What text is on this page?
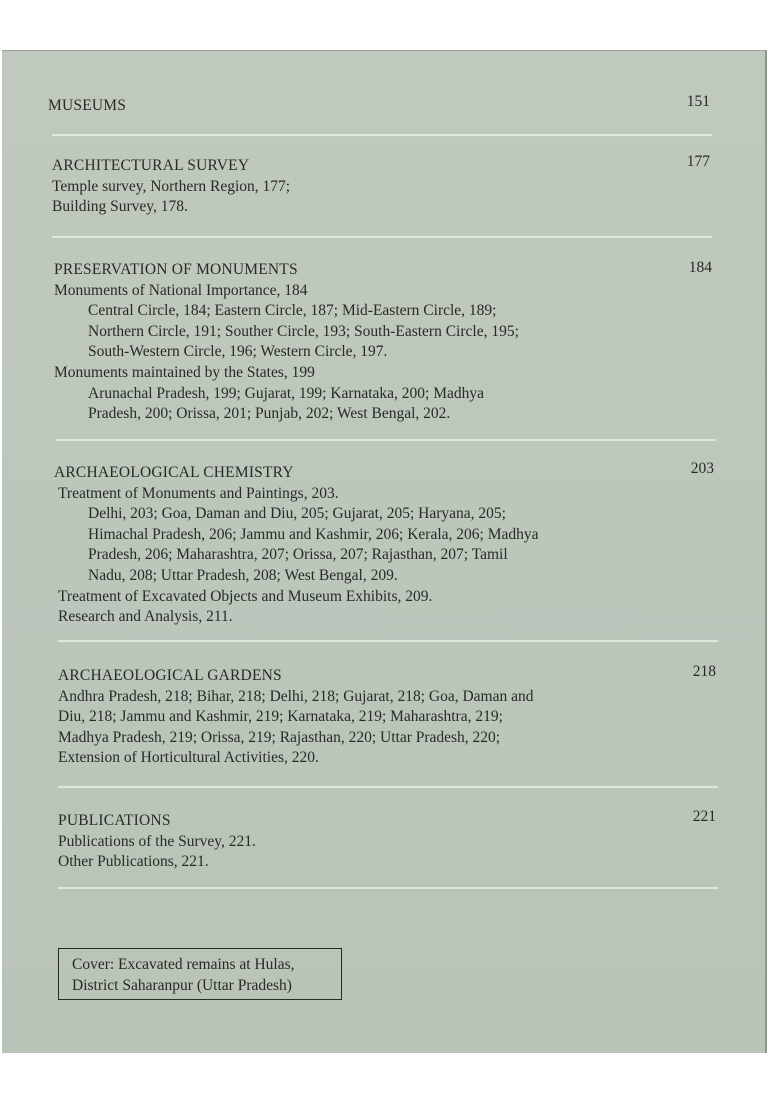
MUSEUMS	151
ARCHITECTURAL SURVEY	177
Temple survey, Northern Region, 177;
Building Survey, 178.
PRESERVATION OF MONUMENTS	184
Monuments of National Importance, 184
Central Circle, 184; Eastern Circle, 187; Mid-Eastern Circle, 189;
Northern Circle, 191; Souther Circle, 193; South-Eastern Circle, 195;
South-Western Circle, 196; Western Circle, 197.
Monuments maintained by the States, 199
Arunachal Pradesh, 199; Gujarat, 199; Karnataka, 200; Madhya
Pradesh, 200; Orissa, 201; Punjab, 202; West Bengal, 202.
ARCHAEOLOGICAL CHEMISTRY	203
Treatment of Monuments and Paintings, 203.
Delhi, 203; Goa, Daman and Diu, 205; Gujarat, 205; Haryana, 205;
Himachal Pradesh, 206; Jammu and Kashmir, 206; Kerala, 206; Madhya
Pradesh, 206; Maharashtra, 207; Orissa, 207; Rajasthan, 207; Tamil
Nadu, 208; Uttar Pradesh, 208; West Bengal, 209.
Treatment of Excavated Objects and Museum Exhibits, 209.
Research and Analysis, 211.
ARCHAEOLOGICAL GARDENS	218
Andhra Pradesh, 218; Bihar, 218; Delhi, 218; Gujarat, 218; Goa, Daman and
Diu, 218; Jammu and Kashmir, 219; Karnataka, 219; Maharashtra, 219;
Madhya Pradesh, 219; Orissa, 219; Rajasthan, 220; Uttar Pradesh, 220;
Extension of Horticultural Activities, 220.
PUBLICATIONS	221
Publications of the Survey, 221.
Other Publications, 221.
Cover: Excavated remains at Hulas,
District Saharanpur (Uttar Pradesh)
